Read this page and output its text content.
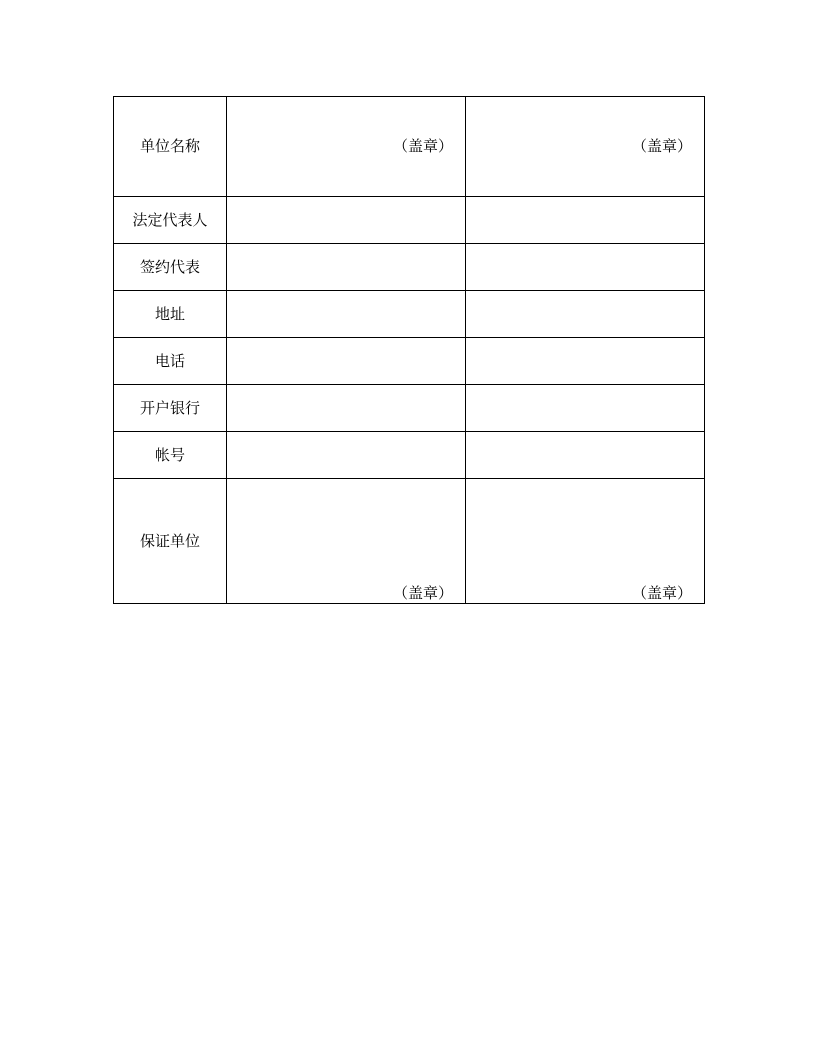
单位名称	（盖章）	（盖章）
法定代表人		
签约代表		
地址		
电话		
开户银行		
帐号		
保证单位	（盖章）	（盖章）
